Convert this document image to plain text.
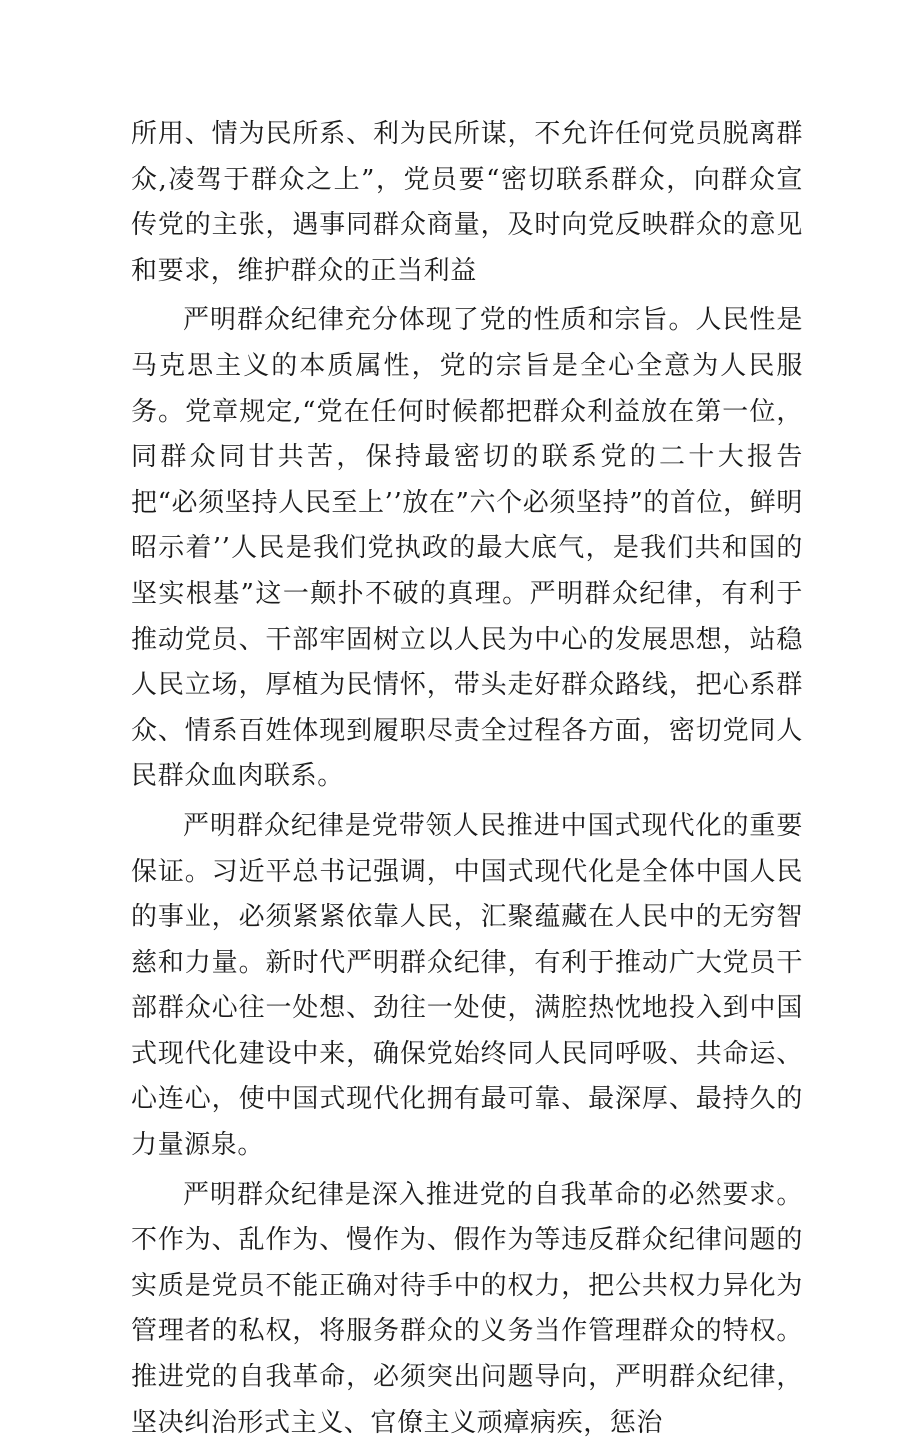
所用、情为民所系、利为民所谋，不允许任何党员脱离群众,凌驾于群众之上”，党员要“密切联系群众，向群众宣传党的主张，遇事同群众商量，及时向党反映群众的意见和要求，维护群众的正当利益

严明群众纪律充分体现了党的性质和宗旨。人民性是马克思主义的本质属性，党的宗旨是全心全意为人民服务。党章规定,“党在任何时候都把群众利益放在第一位，同群众同甘共苦，保持最密切的联系党的二十大报告把“必须坚持人民至上’’放在”六个必须坚持”的首位，鲜明昭示着’’人民是我们党执政的最大底气，是我们共和国的坚实根基”这一颠扑不破的真理。严明群众纪律，有利于推动党员、干部牢固树立以人民为中心的发展思想，站稳人民立场，厚植为民情怀，带头走好群众路线，把心系群众、情系百姓体现到履职尽责全过程各方面，密切党同人民群众血肉联系。

严明群众纪律是党带领人民推进中国式现代化的重要保证。习近平总书记强调，中国式现代化是全体中国人民的事业，必须紧紧依靠人民，汇聚蕴藏在人民中的无穷智慈和力量。新时代严明群众纪律，有利于推动广大党员干部群众心往一处想、劲往一处使，满腔热忱地投入到中国式现代化建设中来，确保党始终同人民同呼吸、共命运、心连心，使中国式现代化拥有最可靠、最深厚、最持久的力量源泉。

严明群众纪律是深入推进党的自我革命的必然要求。不作为、乱作为、慢作为、假作为等违反群众纪律问题的实质是党员不能正确对待手中的权力，把公共权力异化为管理者的私权，将服务群众的义务当作管理群众的特权。推进党的自我革命，必须突出问题导向，严明群众纪律，坚决纠治形式主义、官僚主义顽瘴病疾，惩治
